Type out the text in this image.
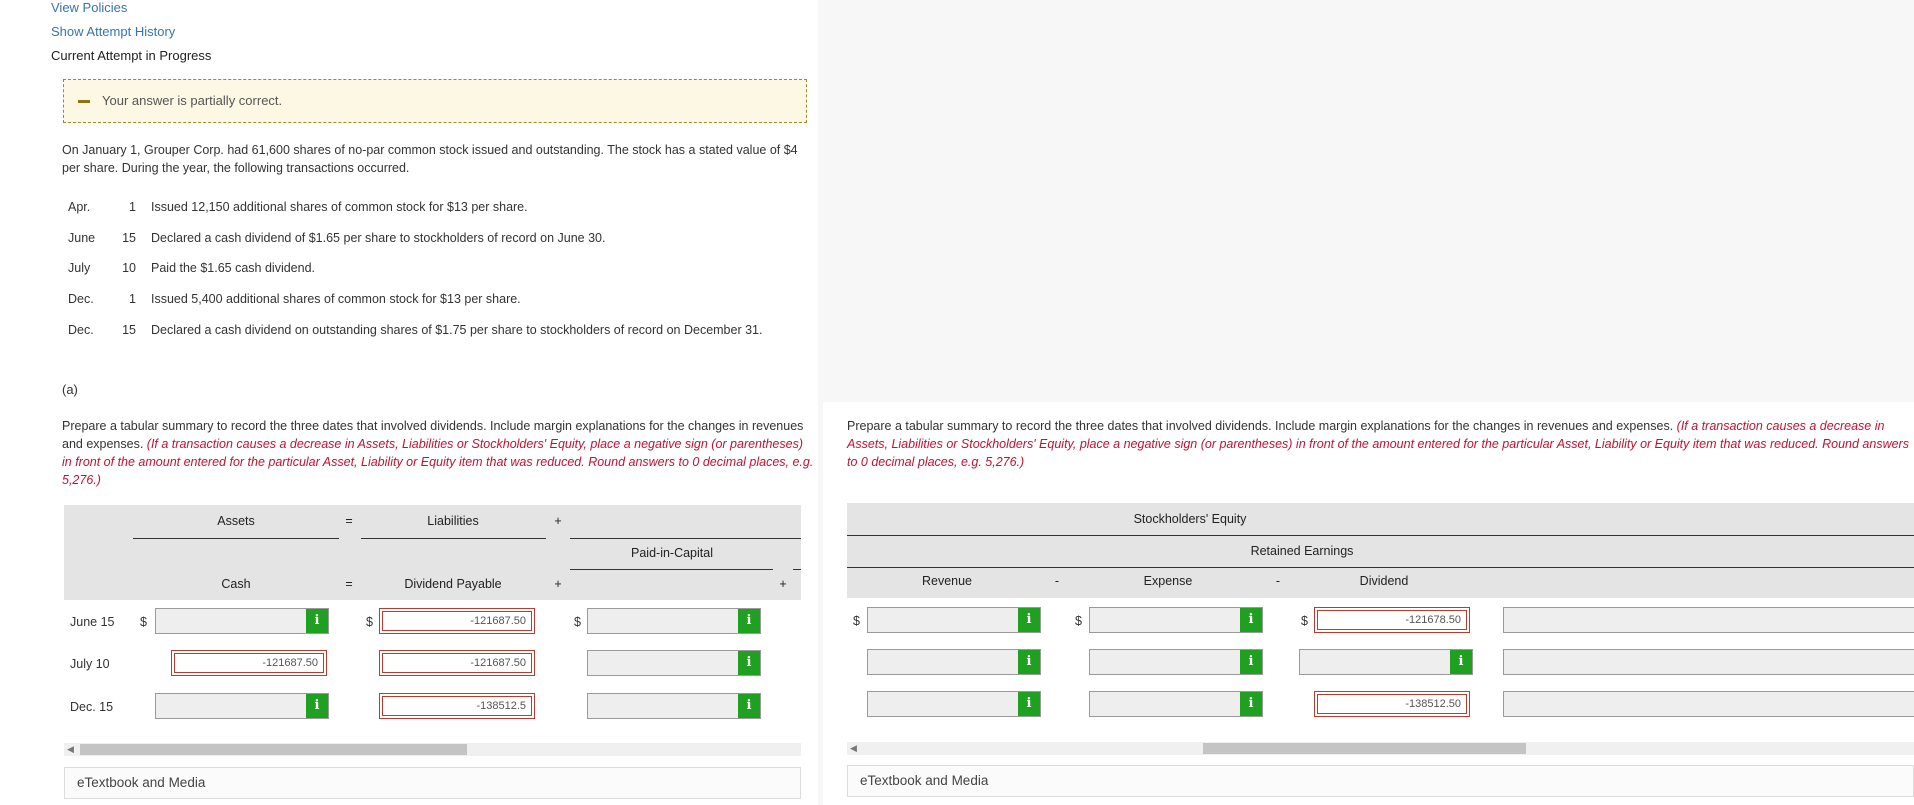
View Policies
Show Attempt History
Current Attempt in Progress
Your answer is partially correct.
On January 1, Grouper Corp. had 61,600 shares of no-par common stock issued and outstanding. The stock has a stated value of $4 per share. During the year, the following transactions occurred.
Apr.	1 Issued 12,150 additional shares of common stock for $13 per share.
June	15 Declared a cash dividend of $1.65 per share to stockholders of record on June 30.
July	10 Paid the $1.65 cash dividend.
Dec.	1 Issued 5,400 additional shares of common stock for $13 per share.
Dec.	15 Declared a cash dividend on outstanding shares of $1.75 per share to stockholders of record on December 31.
(a)
Prepare a tabular summary to record the three dates that involved dividends. Include margin explanations for the changes in revenues and expenses. (If a transaction causes a decrease in Assets, Liabilities or Stockholders' Equity, place a negative sign (or parentheses) in front of the amount entered for the particular Asset, Liability or Equity item that was reduced. Round answers to 0 decimal places, e.g. 5,276.)
Assets	=	Liabilities	+
Paid-in-Capital
Cash	=	Dividend Payable	+	+
June 15 $	i	$	-121687.50	$	i
July 10	-121687.50	-121687.50	i
Dec. 15	i	-138512.5	i
◀
eTextbook and Media
Prepare a tabular summary to record the three dates that involved dividends. Include margin explanations for the changes in revenues and expenses. (If a transaction causes a decrease in Assets, Liabilities or Stockholders' Equity, place a negative sign (or parentheses) in front of the amount entered for the particular Asset, Liability or Equity item that was reduced. Round answers to 0 decimal places, e.g. 5,276.)
Stockholders' Equity
Retained Earnings
Revenue	-	Expense	-	Dividend
$	i	$	i	$	-121678.50
i	i	i
i	i	-138512.50
◀
eTextbook and Media
